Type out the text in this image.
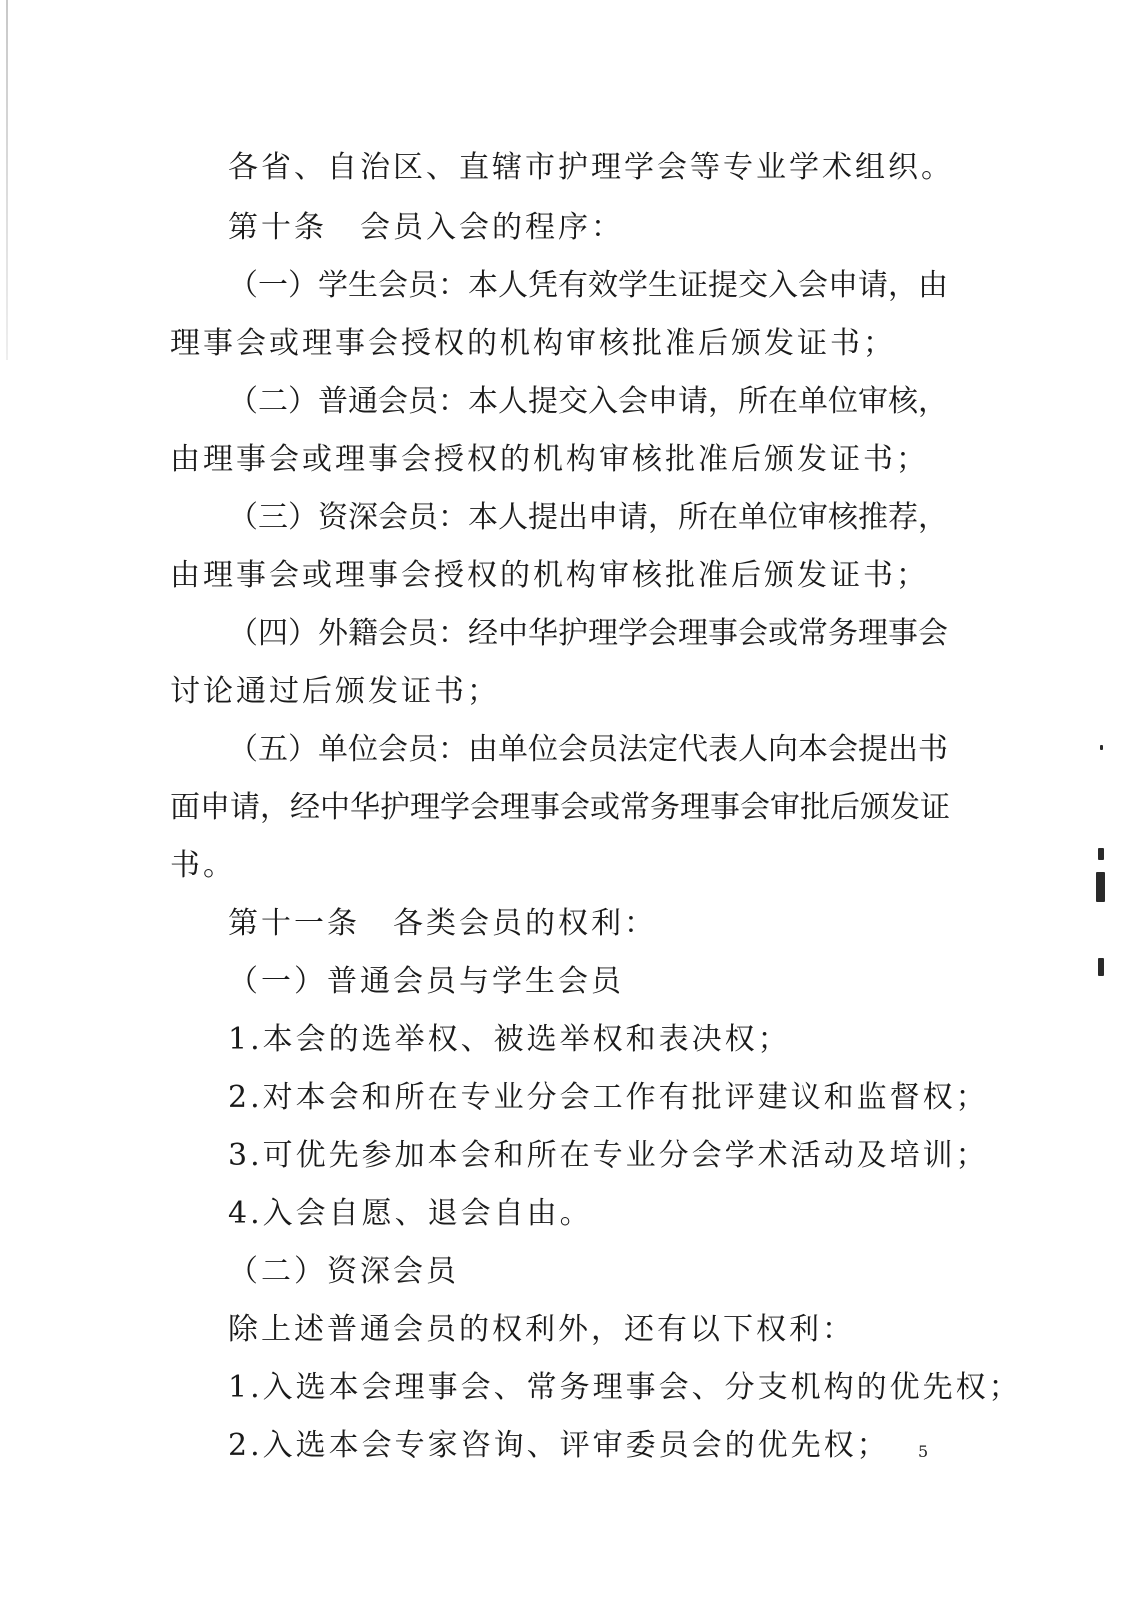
各省、自治区、直辖市护理学会等专业学术组织。
第十条　会员入会的程序：
（一）学生会员：本人凭有效学生证提交入会申请，由
理事会或理事会授权的机构审核批准后颁发证书；
（二）普通会员：本人提交入会申请，所在单位审核，
由理事会或理事会授权的机构审核批准后颁发证书；
（三）资深会员：本人提出申请，所在单位审核推荐，
由理事会或理事会授权的机构审核批准后颁发证书；
（四）外籍会员：经中华护理学会理事会或常务理事会
讨论通过后颁发证书；
（五）单位会员：由单位会员法定代表人向本会提出书
面申请，经中华护理学会理事会或常务理事会审批后颁发证
书。
第十一条　各类会员的权利：
（一）普通会员与学生会员
1.本会的选举权、被选举权和表决权；
2.对本会和所在专业分会工作有批评建议和监督权；
3.可优先参加本会和所在专业分会学术活动及培训；
4.入会自愿、退会自由。
（二）资深会员
除上述普通会员的权利外，还有以下权利：
1.入选本会理事会、常务理事会、分支机构的优先权；
2.入选本会专家咨询、评审委员会的优先权； 5
